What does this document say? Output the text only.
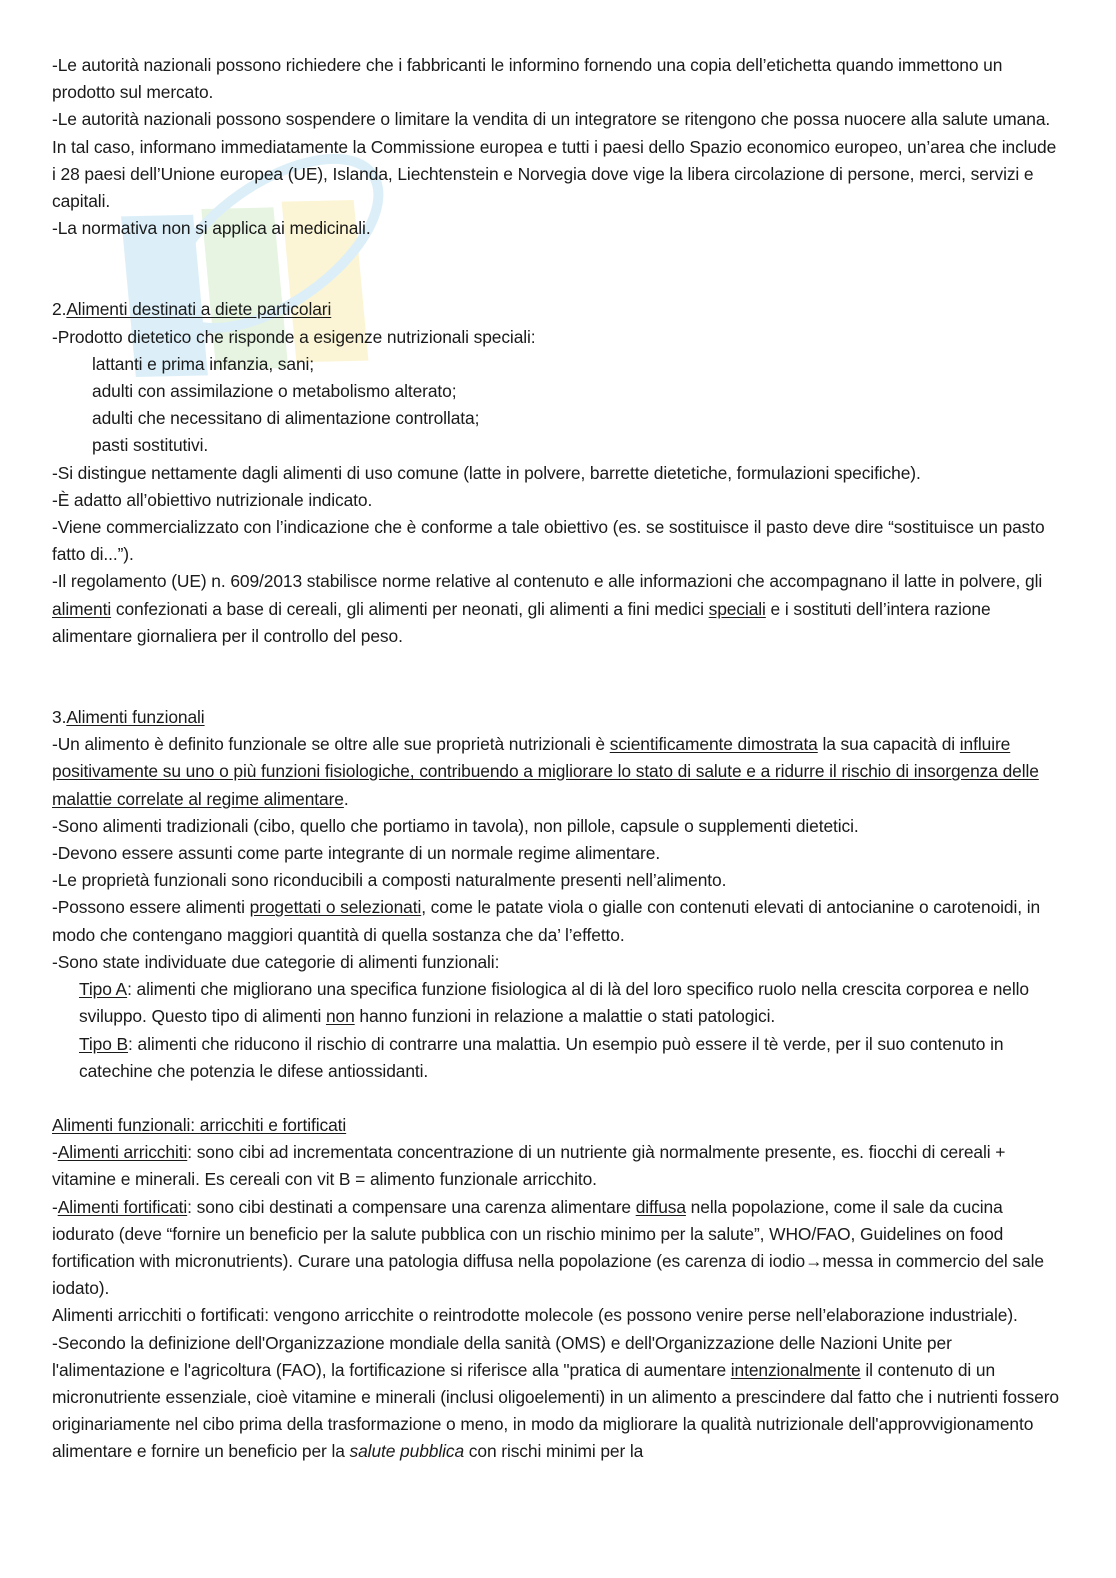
-Le autorità nazionali possono richiedere che i fabbricanti le informino fornendo una copia dell’etichetta quando immettono un prodotto sul mercato.

-Le autorità nazionali possono sospendere o limitare la vendita di un integratore se ritengono che possa nuocere alla salute umana. In tal caso, informano immediatamente la Commissione europea e tutti i paesi dello Spazio economico europeo, un’area che include i 28 paesi dell’Unione europea (UE), Islanda, Liechtenstein e Norvegia dove vige la libera circolazione di persone, merci, servizi e capitali.

-La normativa non si applica ai medicinali.

2.Alimenti destinati a diete particolari

-Prodotto dietetico che risponde a esigenze nutrizionali speciali:

lattanti e prima infanzia, sani;

adulti con assimilazione o metabolismo alterato;

adulti che necessitano di alimentazione controllata;

pasti sostitutivi.

-Si distingue nettamente dagli alimenti di uso comune (latte in polvere, barrette dietetiche, formulazioni specifiche).

-È adatto all’obiettivo nutrizionale indicato.

-Viene commercializzato con l’indicazione che è conforme a tale obiettivo (es. se sostituisce il pasto deve dire “sostituisce un pasto fatto di...”).

-Il regolamento (UE) n. 609/2013 stabilisce norme relative al contenuto e alle informazioni che accompagnano il latte in polvere, gli alimenti confezionati a base di cereali, gli alimenti per neonati, gli alimenti a fini medici speciali e i sostituti dell’intera razione alimentare giornaliera per il controllo del peso.

3.Alimenti funzionali

-Un alimento è definito funzionale se oltre alle sue proprietà nutrizionali è scientificamente dimostrata la sua capacità di influire positivamente su uno o più funzioni fisiologiche, contribuendo a migliorare lo stato di salute e a ridurre il rischio di insorgenza delle malattie correlate al regime alimentare.

-Sono alimenti tradizionali (cibo, quello che portiamo in tavola), non pillole, capsule o supplementi dietetici.

-Devono essere assunti come parte integrante di un normale regime alimentare.

-Le proprietà funzionali sono riconducibili a composti naturalmente presenti nell’alimento.

-Possono essere alimenti progettati o selezionati, come le patate viola o gialle con contenuti elevati di antocianine o carotenoidi, in modo che contengano maggiori quantità di quella sostanza che da’ l’effetto.

-Sono state individuate due categorie di alimenti funzionali:

Tipo A: alimenti che migliorano una specifica funzione fisiologica al di là del loro specifico ruolo nella crescita corporea e nello sviluppo. Questo tipo di alimenti non hanno funzioni in relazione a malattie o stati patologici.

Tipo B: alimenti che riducono il rischio di contrarre una malattia. Un esempio può essere il tè verde, per il suo contenuto in catechine che potenzia le difese antiossidanti.

Alimenti funzionali: arricchiti e fortificati

-Alimenti arricchiti: sono cibi ad incrementata concentrazione di un nutriente già normalmente presente, es. fiocchi di cereali + vitamine e minerali. Es cereali con vit B = alimento funzionale arricchito.

-Alimenti fortificati: sono cibi destinati a compensare una carenza alimentare diffusa nella popolazione, come il sale da cucina iodurato (deve “fornire un beneficio per la salute pubblica con un rischio minimo per la salute”, WHO/FAO, Guidelines on food fortification with micronutrients). Curare una patologia diffusa nella popolazione (es carenza di iodio→messa in commercio del sale iodato).

Alimenti arricchiti o fortificati: vengono arricchite o reintrodotte molecole (es possono venire perse nell’elaborazione industriale).

-Secondo la definizione dell'Organizzazione mondiale della sanità (OMS) e dell'Organizzazione delle Nazioni Unite per l'alimentazione e l'agricoltura (FAO), la fortificazione si riferisce alla "pratica di aumentare intenzionalmente il contenuto di un micronutriente essenziale, cioè vitamine e minerali (inclusi oligoelementi) in un alimento a prescindere dal fatto che i nutrienti fossero originariamente nel cibo prima della trasformazione o meno, in modo da migliorare la qualità nutrizionale dell'approvvigionamento alimentare e fornire un beneficio per la salute pubblica con rischi minimi per la
